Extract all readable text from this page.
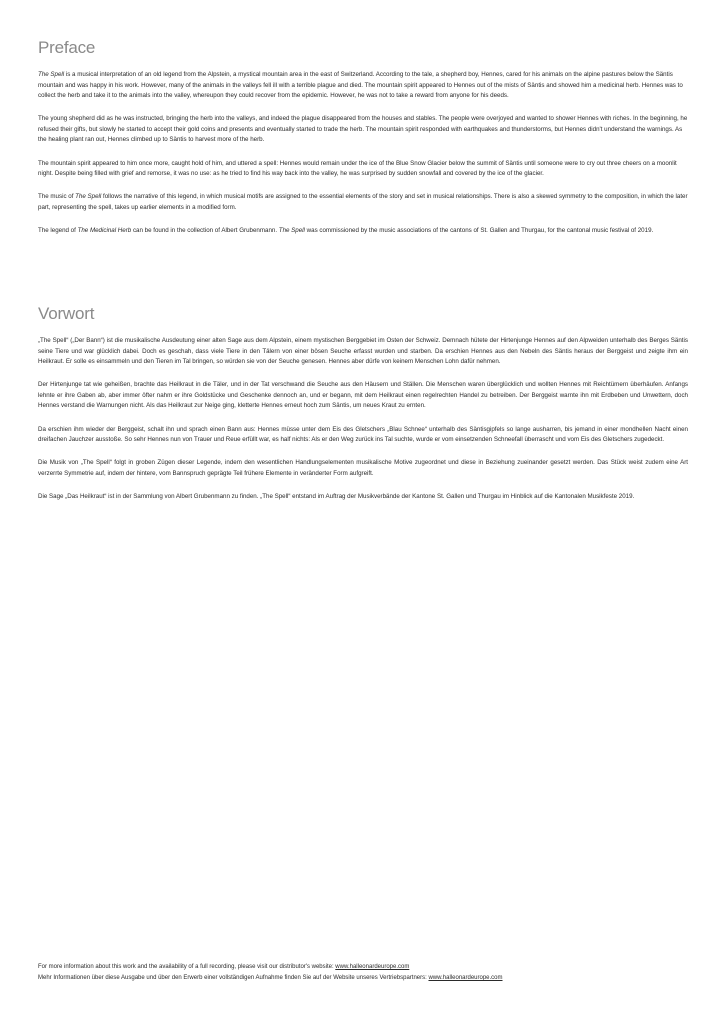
Preface

The Spell is a musical interpretation of an old legend from the Alpstein, a mystical mountain area in the east of Switzerland. According to the tale, a shepherd boy, Hennes, cared for his animals on the alpine pastures below the Säntis mountain and was happy in his work. However, many of the animals in the valleys fell ill with a terrible plague and died. The mountain spirit appeared to Hennes out of the mists of Säntis and showed him a medicinal herb. Hennes was to collect the herb and take it to the animals into the valley, whereupon they could recover from the epidemic. However, he was not to take a reward from anyone for his deeds.

The young shepherd did as he was instructed, bringing the herb into the valleys, and indeed the plague disappeared from the houses and stables. The people were overjoyed and wanted to shower Hennes with riches. In the beginning, he refused their gifts, but slowly he started to accept their gold coins and presents and eventually started to trade the herb. The mountain spirit responded with earthquakes and thunderstorms, but Hennes didn't understand the warnings. As the healing plant ran out, Hennes climbed up to Säntis to harvest more of the herb.

The mountain spirit appeared to him once more, caught hold of him, and uttered a spell: Hennes would remain under the ice of the Blue Snow Glacier below the summit of Säntis until someone were to cry out three cheers on a moonlit night. Despite being filled with grief and remorse, it was no use: as he tried to find his way back into the valley, he was surprised by sudden snowfall and covered by the ice of the glacier.

The music of The Spell follows the narrative of this legend, in which musical motifs are assigned to the essential elements of the story and set in musical relationships. There is also a skewed symmetry to the composition, in which the later part, representing the spell, takes up earlier elements in a modified form.

The legend of The Medicinal Herb can be found in the collection of Albert Grubenmann. The Spell was commissioned by the music associations of the cantons of St. Gallen and Thurgau, for the cantonal music festival of 2019.

Vorwort

„The Spell“ („Der Bann“) ist die musikalische Ausdeutung einer alten Sage aus dem Alpstein, einem mystischen Berggebiet im Osten der Schweiz. Demnach hütete der Hirtenjunge Hennes auf den Alpweiden unterhalb des Berges Säntis seine Tiere und war glücklich dabei. Doch es geschah, dass viele Tiere in den Tälern von einer bösen Seuche erfasst wurden und starben. Da erschien Hennes aus den Nebeln des Säntis heraus der Berggeist und zeigte ihm ein Heilkraut. Er solle es einsammeln und den Tieren im Tal bringen, so würden sie von der Seuche genesen. Hennes aber dürfe von keinem Menschen Lohn dafür nehmen.

Der Hirtenjunge tat wie geheißen, brachte das Heilkraut in die Täler, und in der Tat verschwand die Seuche aus den Häusern und Ställen. Die Menschen waren überglücklich und wollten Hennes mit Reichtümern überhäufen. Anfangs lehnte er ihre Gaben ab, aber immer öfter nahm er ihre Goldstücke und Geschenke dennoch an, und er begann, mit dem Heilkraut einen regelrechten Handel zu betreiben. Der Berggeist warnte ihn mit Erdbeben und Unwettern, doch Hennes verstand die Warnungen nicht. Als das Heilkraut zur Neige ging, kletterte Hennes erneut hoch zum Säntis, um neues Kraut zu ernten.

Da erschien ihm wieder der Berggeist, schalt ihn und sprach einen Bann aus: Hennes müsse unter dem Eis des Gletschers „Blau Schnee“ unterhalb des Säntisgipfels so lange ausharren, bis jemand in einer mondhellen Nacht einen dreifachen Jauchzer ausstoße. So sehr Hennes nun von Trauer und Reue erfüllt war, es half nichts: Als er den Weg zurück ins Tal suchte, wurde er vom einsetzenden Schneefall überrascht und vom Eis des Gletschers zugedeckt.

Die Musik von „The Spell“ folgt in groben Zügen dieser Legende, indem den wesentlichen Handlungselementen musikalische Motive zugeordnet und diese in Beziehung zueinander gesetzt werden. Das Stück weist zudem eine Art verzerrte Symmetrie auf, indem der hintere, vom Bannspruch geprägte Teil frühere Elemente in veränderter Form aufgreift.

Die Sage „Das Heilkraut“ ist in der Sammlung von Albert Grubenmann zu finden. „The Spell“ entstand im Auftrag der Musikverbände der Kantone St. Gallen und Thurgau im Hinblick auf die Kantonalen Musikfeste 2019.

For more information about this work and the availability of a full recording, please visit our distributor's website: www.halleonardeurope.com
Mehr Informationen über diese Ausgabe und über den Erwerb einer vollständigen Aufnahme finden Sie auf der Website unseres Vertriebspartners: www.halleonardeurope.com
